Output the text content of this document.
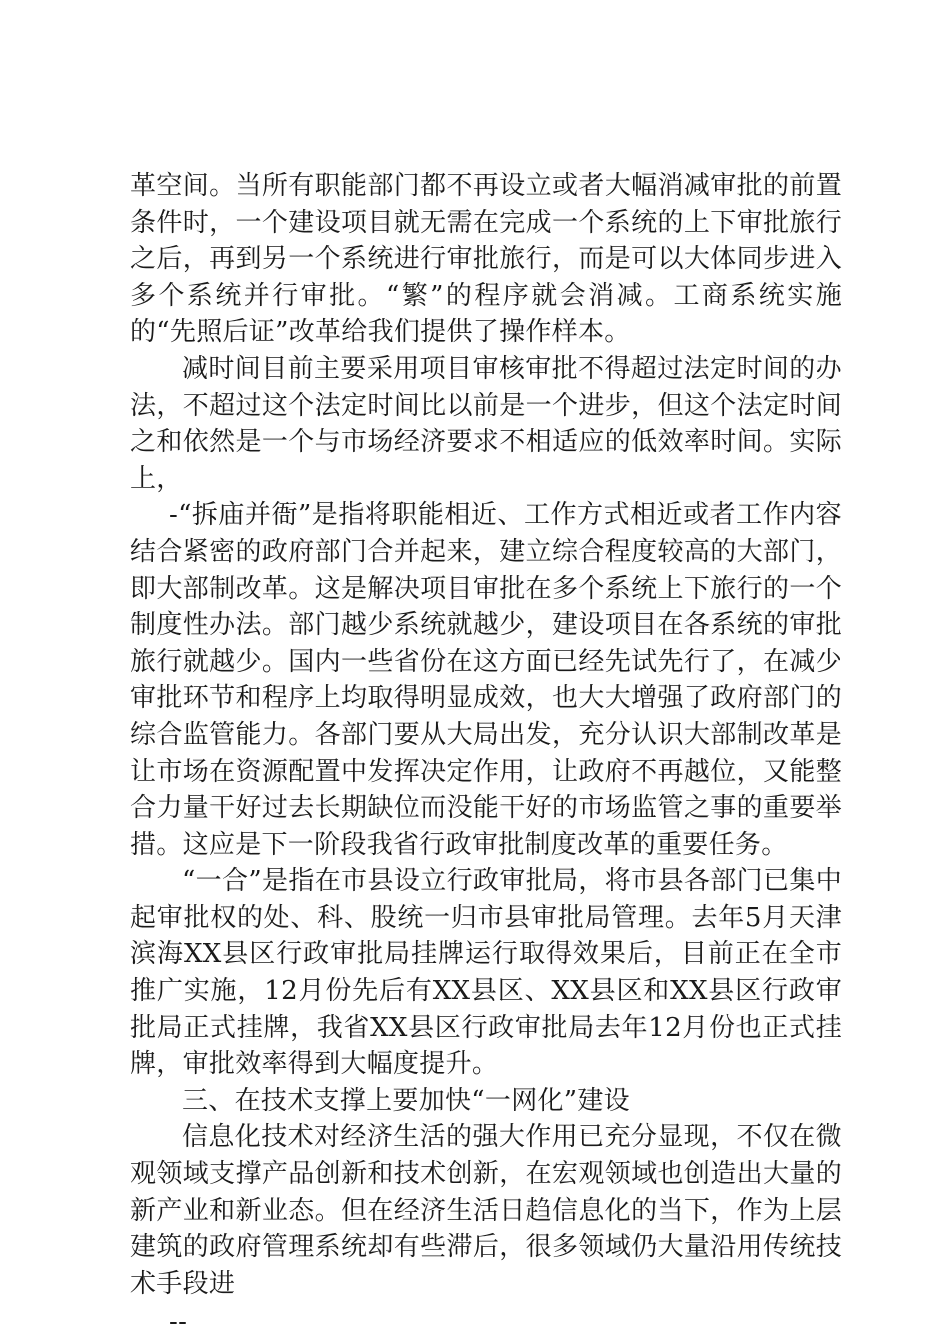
革空间。当所有职能部门都不再设立或者大幅消减审批的前置条件时，一个建设项目就无需在完成一个系统的上下审批旅行之后，再到另一个系统进行审批旅行，而是可以大体同步进入多个系统并行审批。“繁”的程序就会消减。工商系统实施的“先照后证”改革给我们提供了操作样本。

减时间目前主要采用项目审核审批不得超过法定时间的办法，不超过这个法定时间比以前是一个进步，但这个法定时间之和依然是一个与市场经济要求不相适应的低效率时间。实际上，

-“拆庙并衙”是指将职能相近、工作方式相近或者工作内容结合紧密的政府部门合并起来，建立综合程度较高的大部门，即大部制改革。这是解决项目审批在多个系统上下旅行的一个制度性办法。部门越少系统就越少，建设项目在各系统的审批旅行就越少。国内一些省份在这方面已经先试先行了，在减少审批环节和程序上均取得明显成效，也大大增强了政府部门的综合监管能力。各部门要从大局出发，充分认识大部制改革是让市场在资源配置中发挥决定作用，让政府不再越位，又能整合力量干好过去长期缺位而没能干好的市场监管之事的重要举措。这应是下一阶段我省行政审批制度改革的重要任务。

“一合”是指在市县设立行政审批局，将市县各部门已集中起审批权的处、科、股统一归市县审批局管理。去年5月天津滨海XX县区行政审批局挂牌运行取得效果后，目前正在全市推广实施，12月份先后有XX县区、XX县区和XX县区行政审批局正式挂牌，我省XX县区行政审批局去年12月份也正式挂牌，审批效率得到大幅度提升。

三、在技术支撑上要加快“一网化”建设

信息化技术对经济生活的强大作用已充分显现，不仅在微观领域支撑产品创新和技术创新，在宏观领域也创造出大量的新产业和新业态。但在经济生活日趋信息化的当下，作为上层建筑的政府管理系统却有些滞后，很多领域仍大量沿用传统技术手段进

--
